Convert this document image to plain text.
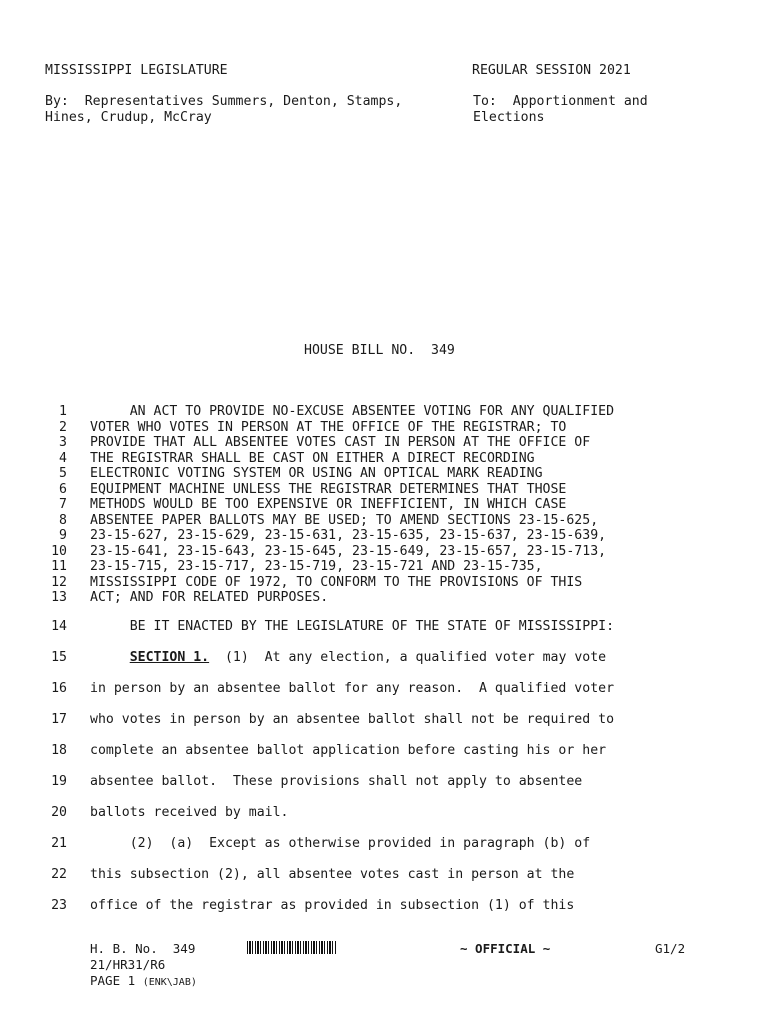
MISSISSIPPI LEGISLATURE	REGULAR SESSION 2021
By:  Representatives Summers, Denton, Stamps,
Hines, Crudup, McCray
To:  Apportionment and
Elections
HOUSE BILL NO.  349
1 AN ACT TO PROVIDE NO-EXCUSE ABSENTEE VOTING FOR ANY QUALIFIED
2 VOTER WHO VOTES IN PERSON AT THE OFFICE OF THE REGISTRAR; TO
3 PROVIDE THAT ALL ABSENTEE VOTES CAST IN PERSON AT THE OFFICE OF
4 THE REGISTRAR SHALL BE CAST ON EITHER A DIRECT RECORDING
5 ELECTRONIC VOTING SYSTEM OR USING AN OPTICAL MARK READING
6 EQUIPMENT MACHINE UNLESS THE REGISTRAR DETERMINES THAT THOSE
7 METHODS WOULD BE TOO EXPENSIVE OR INEFFICIENT, IN WHICH CASE
8 ABSENTEE PAPER BALLOTS MAY BE USED; TO AMEND SECTIONS 23-15-625,
9 23-15-627, 23-15-629, 23-15-631, 23-15-635, 23-15-637, 23-15-639,
10 23-15-641, 23-15-643, 23-15-645, 23-15-649, 23-15-657, 23-15-713,
11 23-15-715, 23-15-717, 23-15-719, 23-15-721 AND 23-15-735,
12 MISSISSIPPI CODE OF 1972, TO CONFORM TO THE PROVISIONS OF THIS
13 ACT; AND FOR RELATED PURPOSES.
14 BE IT ENACTED BY THE LEGISLATURE OF THE STATE OF MISSISSIPPI:
15	SECTION 1.  (1)  At any election, a qualified voter may vote
16 in person by an absentee ballot for any reason.  A qualified voter
17 who votes in person by an absentee ballot shall not be required to
18 complete an absentee ballot application before casting his or her
19 absentee ballot.  These provisions shall not apply to absentee
20 ballots received by mail.
21 (2)  (a)  Except as otherwise provided in paragraph (b) of
22 this subsection (2), all absentee votes cast in person at the
23 office of the registrar as provided in subsection (1) of this
H. B. No.  349	~ OFFICIAL ~	G1/2
21/HR31/R6
PAGE 1 (ENK\JAB)
